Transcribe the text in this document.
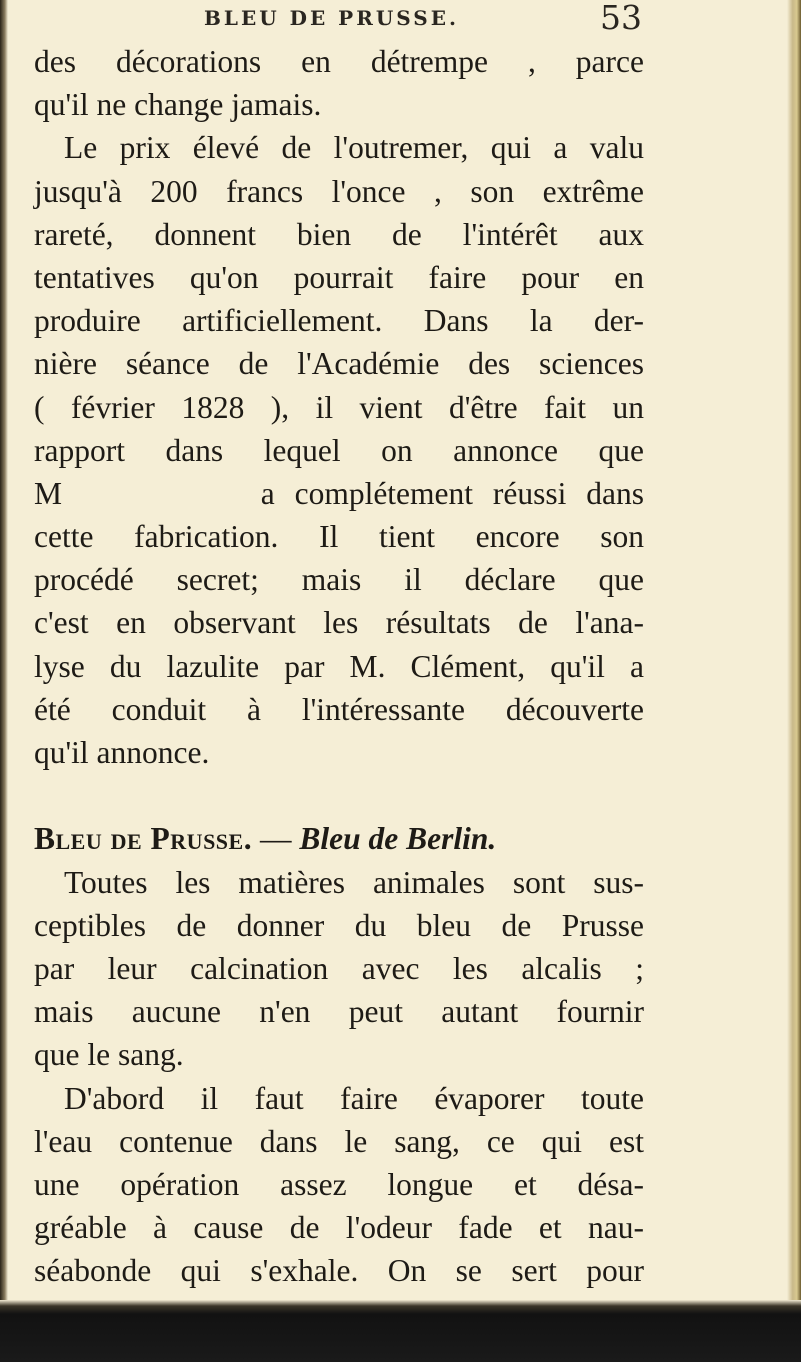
BLEU DE PRUSSE.	53
des décorations en détrempe , parce
qu'il ne change jamais.
Le prix élevé de l'outremer, qui a valu
jusqu'à 200 francs l'once , son extrême
rareté, donnent bien de l'intérêt aux
tentatives qu'on pourrait faire pour en
produire artificiellement. Dans la der-
nière séance de l'Académie des sciences
( février 1828 ), il vient d'être fait un
rapport dans lequel on annonce que
M          a complétement réussi dans
cette fabrication. Il tient encore son
procédé secret; mais il déclare que
c'est en observant les résultats de l'ana-
lyse du lazulite par M. Clément, qu'il a
été conduit à l'intéressante découverte
qu'il annonce.
Bleu de Prusse. — Bleu de Berlin.
Toutes les matières animales sont sus-
ceptibles de donner du bleu de Prusse
par leur calcination avec les alcalis ;
mais aucune n'en peut autant fournir
que le sang.
D'abord il faut faire évaporer toute
l'eau contenue dans le sang, ce qui est
une opération assez longue et désa-
gréable à cause de l'odeur fade et nau-
séabonde qui s'exhale. On se sert pour
